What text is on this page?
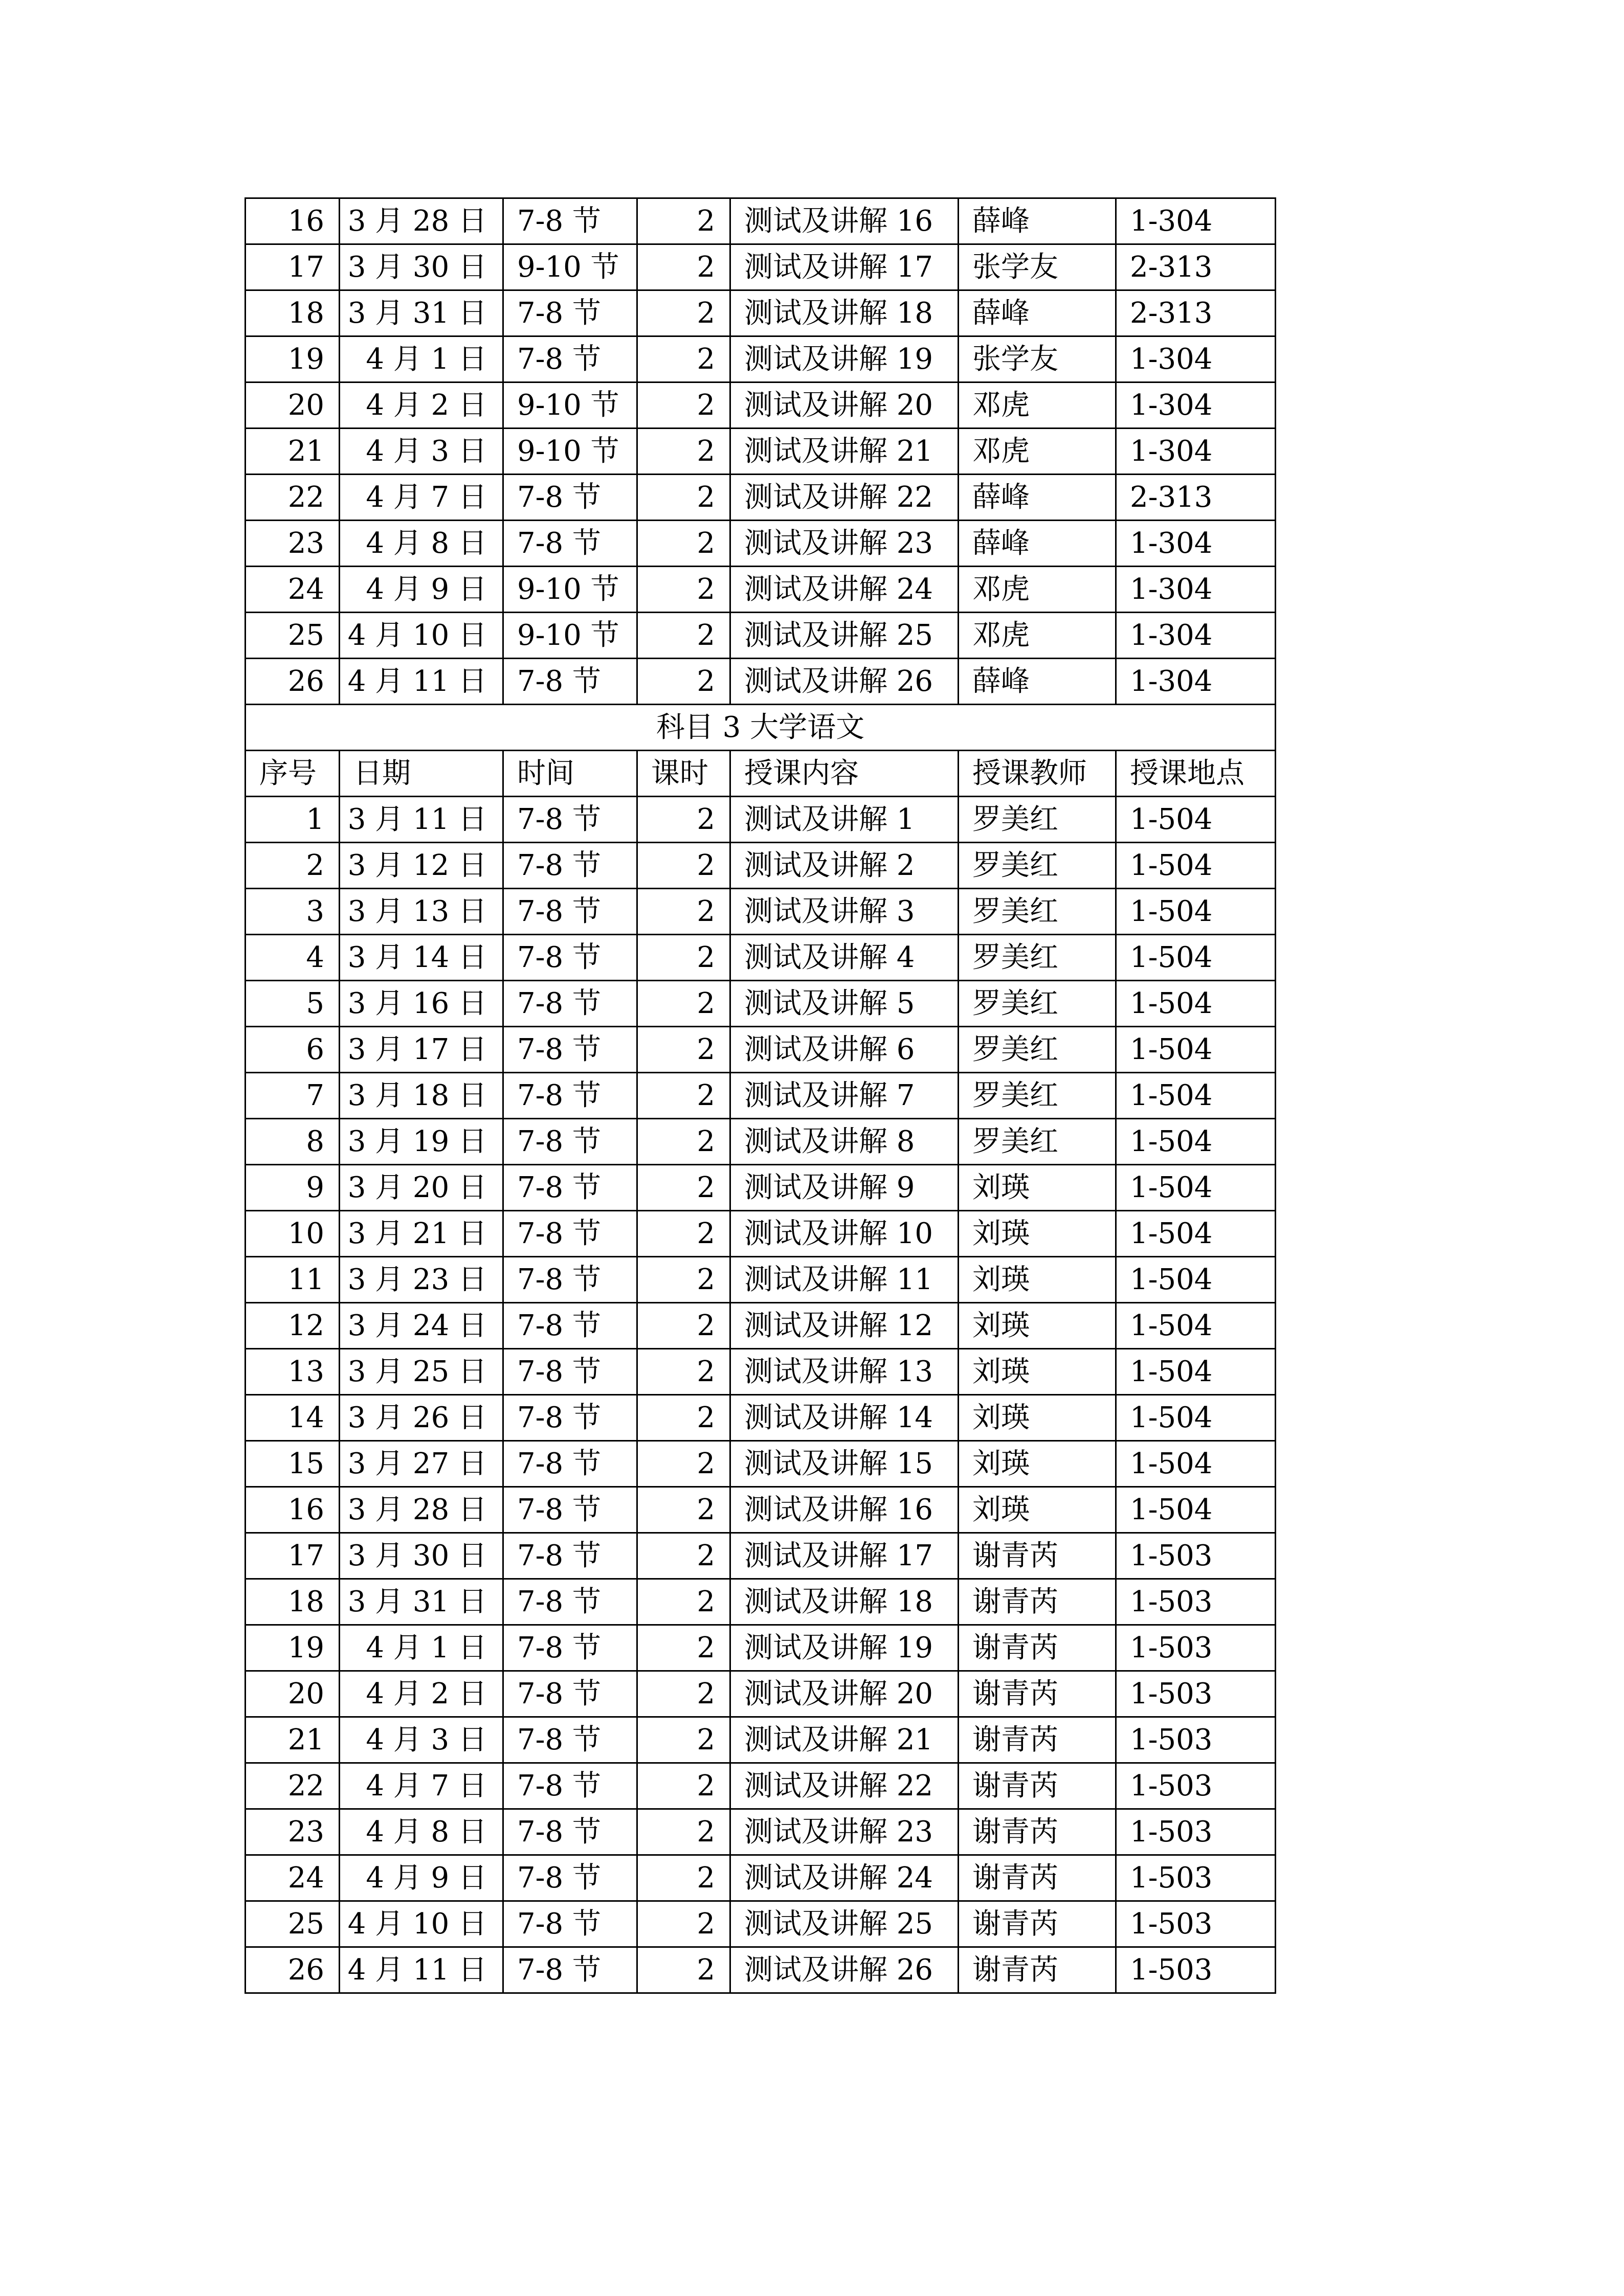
16	3 月 28 日	7-8 节	2	测试及讲解 16	薛峰	1-304
17	3 月 30 日	9-10 节	2	测试及讲解 17	张学友	2-313
18	3 月 31 日	7-8 节	2	测试及讲解 18	薛峰	2-313
19	4 月 1 日	7-8 节	2	测试及讲解 19	张学友	1-304
20	4 月 2 日	9-10 节	2	测试及讲解 20	邓虎	1-304
21	4 月 3 日	9-10 节	2	测试及讲解 21	邓虎	1-304
22	4 月 7 日	7-8 节	2	测试及讲解 22	薛峰	2-313
23	4 月 8 日	7-8 节	2	测试及讲解 23	薛峰	1-304
24	4 月 9 日	9-10 节	2	测试及讲解 24	邓虎	1-304
25	4 月 10 日	9-10 节	2	测试及讲解 25	邓虎	1-304
26	4 月 11 日	7-8 节	2	测试及讲解 26	薛峰	1-304
科目 3 大学语文						
序号	日期	时间	课时	授课内容	授课教师	授课地点
1	3 月 11 日	7-8 节	2	测试及讲解 1	罗美红	1-504
2	3 月 12 日	7-8 节	2	测试及讲解 2	罗美红	1-504
3	3 月 13 日	7-8 节	2	测试及讲解 3	罗美红	1-504
4	3 月 14 日	7-8 节	2	测试及讲解 4	罗美红	1-504
5	3 月 16 日	7-8 节	2	测试及讲解 5	罗美红	1-504
6	3 月 17 日	7-8 节	2	测试及讲解 6	罗美红	1-504
7	3 月 18 日	7-8 节	2	测试及讲解 7	罗美红	1-504
8	3 月 19 日	7-8 节	2	测试及讲解 8	罗美红	1-504
9	3 月 20 日	7-8 节	2	测试及讲解 9	刘瑛	1-504
10	3 月 21 日	7-8 节	2	测试及讲解 10	刘瑛	1-504
11	3 月 23 日	7-8 节	2	测试及讲解 11	刘瑛	1-504
12	3 月 24 日	7-8 节	2	测试及讲解 12	刘瑛	1-504
13	3 月 25 日	7-8 节	2	测试及讲解 13	刘瑛	1-504
14	3 月 26 日	7-8 节	2	测试及讲解 14	刘瑛	1-504
15	3 月 27 日	7-8 节	2	测试及讲解 15	刘瑛	1-504
16	3 月 28 日	7-8 节	2	测试及讲解 16	刘瑛	1-504
17	3 月 30 日	7-8 节	2	测试及讲解 17	谢青芮	1-503
18	3 月 31 日	7-8 节	2	测试及讲解 18	谢青芮	1-503
19	4 月 1 日	7-8 节	2	测试及讲解 19	谢青芮	1-503
20	4 月 2 日	7-8 节	2	测试及讲解 20	谢青芮	1-503
21	4 月 3 日	7-8 节	2	测试及讲解 21	谢青芮	1-503
22	4 月 7 日	7-8 节	2	测试及讲解 22	谢青芮	1-503
23	4 月 8 日	7-8 节	2	测试及讲解 23	谢青芮	1-503
24	4 月 9 日	7-8 节	2	测试及讲解 24	谢青芮	1-503
25	4 月 10 日	7-8 节	2	测试及讲解 25	谢青芮	1-503
26	4 月 11 日	7-8 节	2	测试及讲解 26	谢青芮	1-503
